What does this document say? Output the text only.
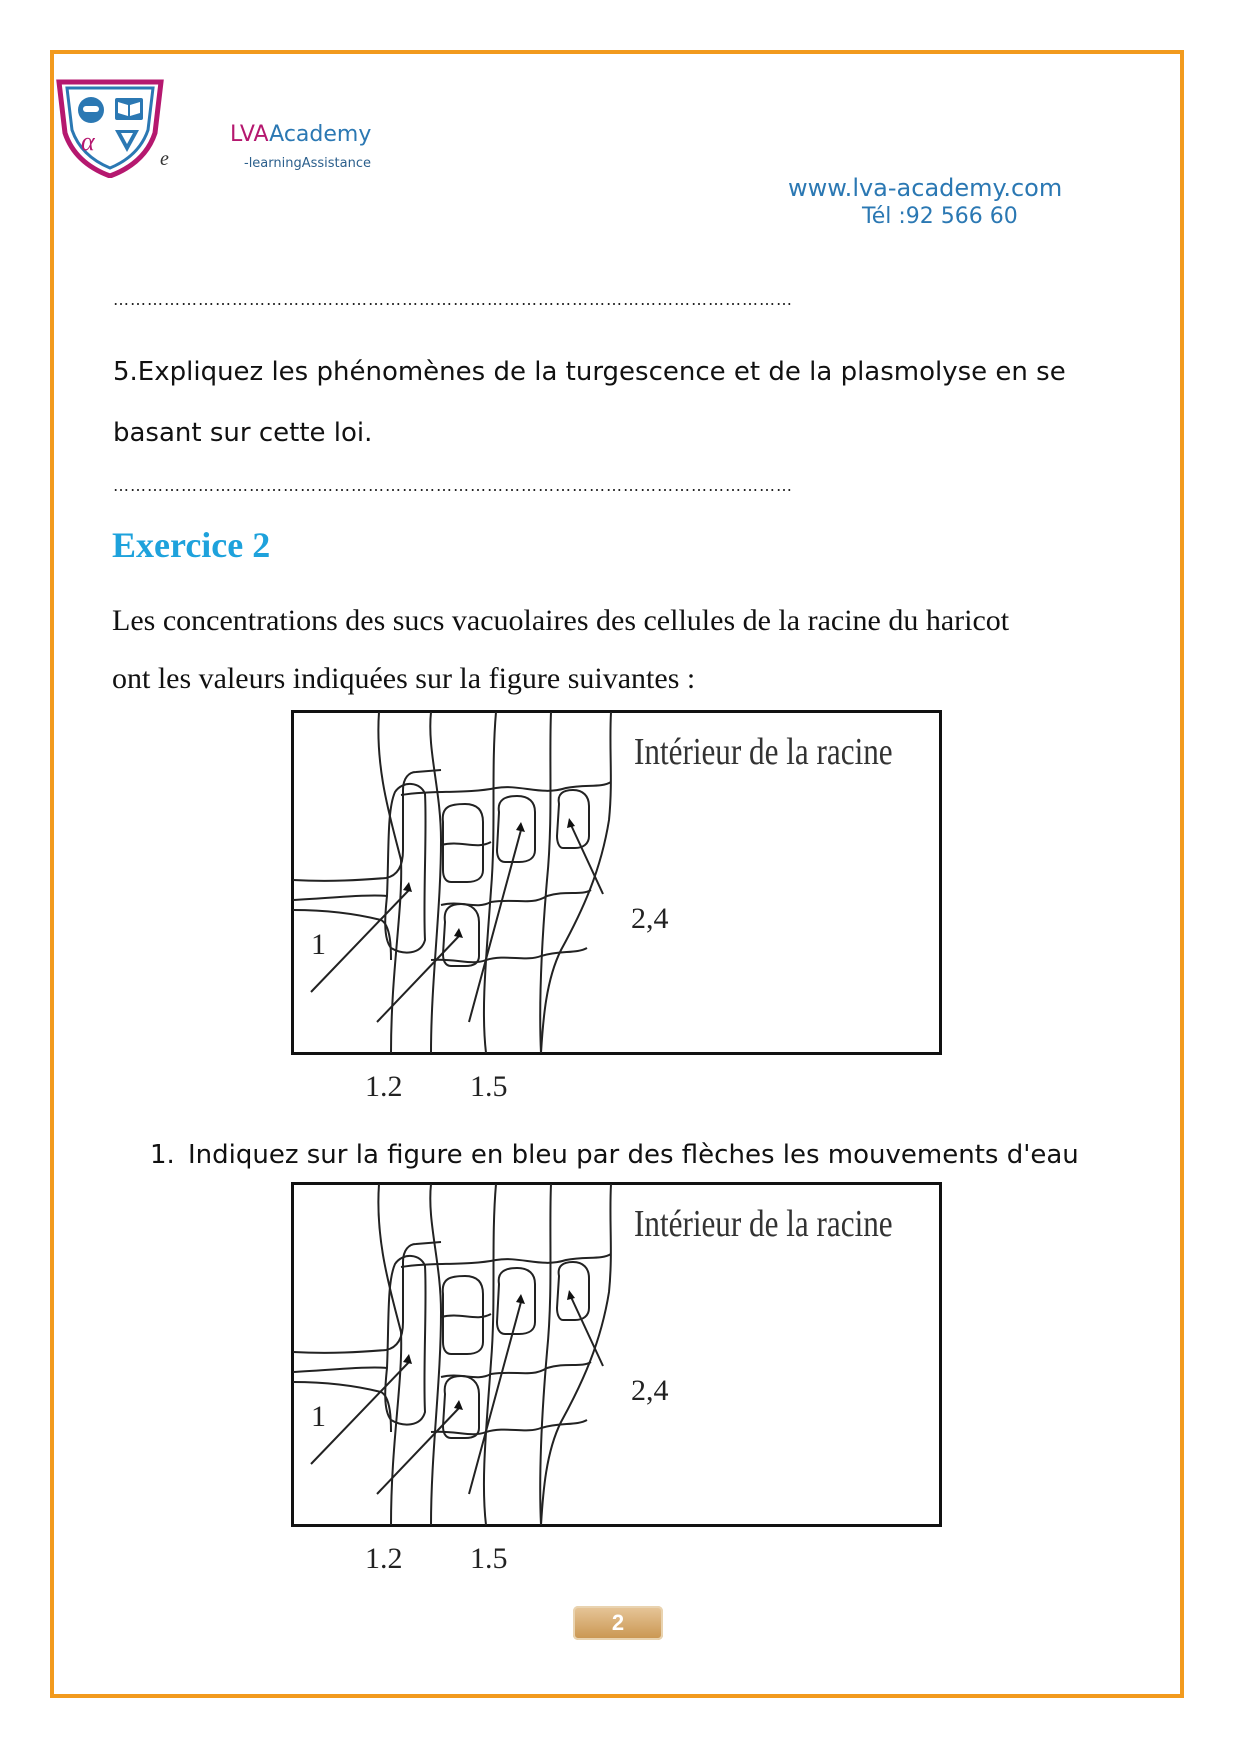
α
e
LVAAcademy
-learningAssistance
www.lva-academy.com
Tél :92 566 60
…………………………………………………………………………………………………………
5.Expliquez les phénomènes de la turgescence et de la plasmolyse en se
basant sur cette loi.
…………………………………………………………………………………………………………
Exercice 2
Les concentrations des sucs vacuolaires des cellules de la racine du haricot
ont les valeurs indiquées sur la figure suivantes :
Intérieur de la racine
1
2,4
1.2 1.5
1. Indiquez sur la figure en bleu par des flèches les mouvements d'eau
Intérieur de la racine
1
2,4
1.2 1.5
2
